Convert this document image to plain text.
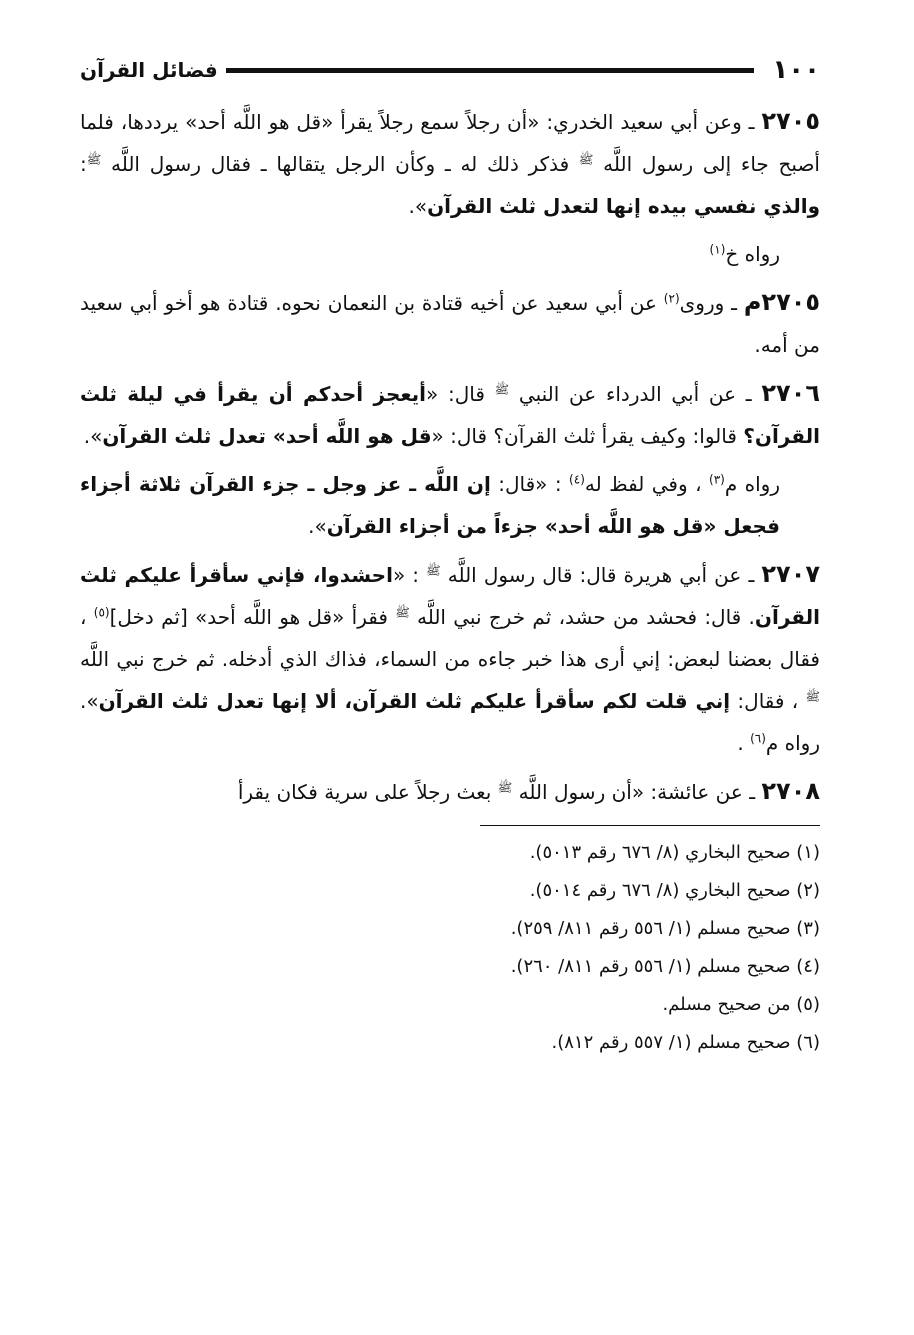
١٠٠
فضائل القرآن

٢٧٠٥ ـ وعن أبي سعيد الخدري: «أن رجلاً سمع رجلاً يقرأ «قل هو اللَّه أحد» يرددها، فلما أصبح جاء إلى رسول اللَّه $^ﷺ$ فذكر ذلك له ـ وكأن الرجل يتقالها ـ فقال رسول اللَّه $^ﷺ$: والذي نفسي بيده إنها لتعدل ثلث القرآن».

رواه خ$^{(١)}$

٢٧٠٥م ـ وروى$^{(٢)}$ عن أبي سعيد عن أخيه قتادة بن النعمان نحوه. قتادة هو أخو أبي سعيد من أمه.

٢٧٠٦ ـ عن أبي الدرداء عن النبي $^ﷺ$ قال: «أيعجز أحدكم أن يقرأ في ليلة ثلث القرآن؟ قالوا: وكيف يقرأ ثلث القرآن؟ قال: «قل هو اللَّه أحد» تعدل ثلث القرآن».

رواه م$^{(٣)}$ ، وفي لفظ له$^{(٤)}$ : «قال: إن اللَّه ـ عز وجل ـ جزء القرآن ثلاثة أجزاء فجعل «قل هو اللَّه أحد» جزءاً من أجزاء القرآن».

٢٧٠٧ ـ عن أبي هريرة قال: قال رسول اللَّه $^ﷺ$ : «احشدوا، فإني سأقرأ عليكم ثلث القرآن. قال: فحشد من حشد، ثم خرج نبي اللَّه $^ﷺ$ فقرأ «قل هو اللَّه أحد» [ثم دخل]$^{(٥)}$ ، فقال بعضنا لبعض: إني أرى هذا خبر جاءه من السماء، فذاك الذي أدخله. ثم خرج نبي اللَّه $^ﷺ$ ، فقال: إني قلت لكم سأقرأ عليكم ثلث القرآن، ألا إنها تعدل ثلث القرآن». رواه م$^{(٦)}$ .

٢٧٠٨ ـ عن عائشة: «أن رسول اللَّه $^ﷺ$ بعث رجلاً على سرية فكان يقرأ

(١) صحيح البخاري (٨/ ٦٧٦ رقم ٥٠١٣).

(٢) صحيح البخاري (٨/ ٦٧٦ رقم ٥٠١٤).

(٣) صحيح مسلم (١/ ٥٥٦ رقم ٨١١/ ٢٥٩).

(٤) صحيح مسلم (١/ ٥٥٦ رقم ٨١١/ ٢٦٠).

(٥) من صحيح مسلم.

(٦) صحيح مسلم (١/ ٥٥٧ رقم ٨١٢).
